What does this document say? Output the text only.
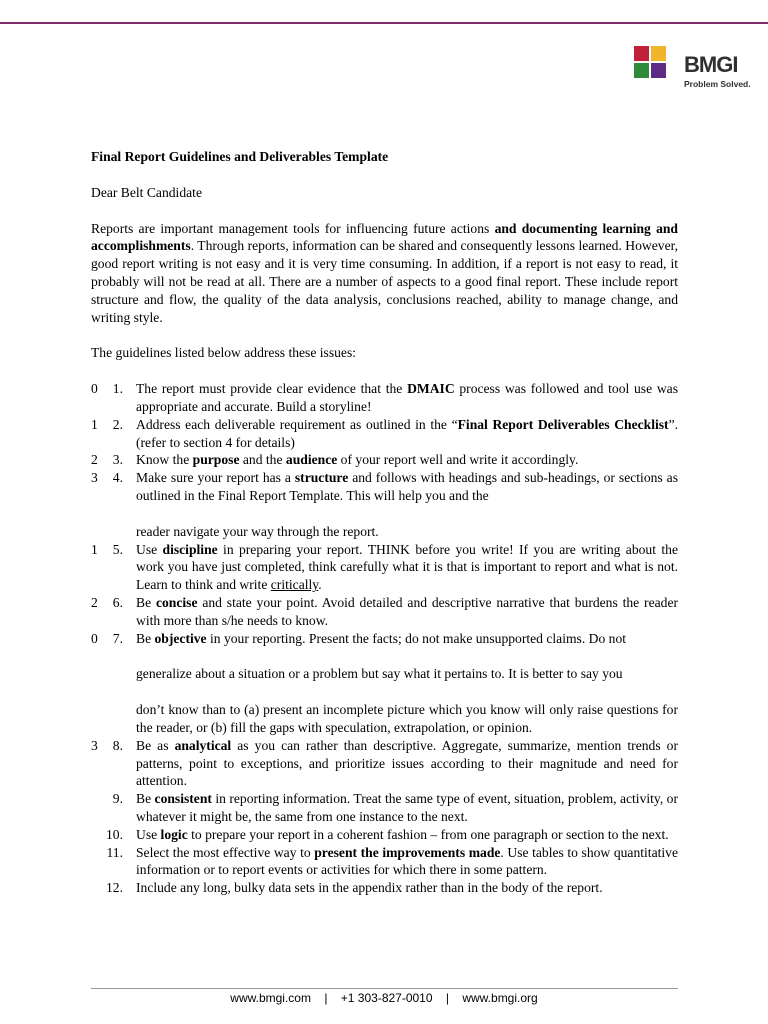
BMGI
Problem Solved.

Final Report Guidelines and Deliverables Template

Dear Belt Candidate

Reports are important management tools for influencing future actions and documenting learning and accomplishments. Through reports, information can be shared and consequently lessons learned. However, good report writing is not easy and it is very time consuming. In addition, if a report is not easy to read, it probably will not be read at all. There are a number of aspects to a good final report. These include report structure and flow, the quality of the data analysis, conclusions reached, ability to manage change, and writing style.

The guidelines listed below address these issues:

0	1. The report must provide clear evidence that the DMAIC process was followed and tool use was appropriate and accurate. Build a storyline!
1	2. Address each deliverable requirement as outlined in the “Final Report Deliverables Checklist”. (refer to section 4 for details)
2	3. Know the purpose and the audience of your report well and write it accordingly.
3	4. Make sure your report has a structure and follows with headings and sub-headings, or sections as outlined in the Final Report Template. This will help you and the
reader navigate your way through the report.
1	5. Use discipline in preparing your report. THINK before you write! If you are writing about the work you have just completed, think carefully what it is that is important to report and what is not. Learn to think and write critically.
2	6. Be concise and state your point. Avoid detailed and descriptive narrative that burdens the reader with more than s/he needs to know.
0	7. Be objective in your reporting. Present the facts; do not make unsupported claims. Do not
generalize about a situation or a problem but say what it pertains to. It is better to say you
don’t know than to (a) present an incomplete picture which you know will only raise questions for the reader, or (b) fill the gaps with speculation, extrapolation, or opinion.
3	8. Be as analytical as you can rather than descriptive. Aggregate, summarize, mention trends or patterns, point to exceptions, and prioritize issues according to their magnitude and need for attention.
9. Be consistent in reporting information. Treat the same type of event, situation, problem, activity, or whatever it might be, the same from one instance to the next.
10. Use logic to prepare your report in a coherent fashion – from one paragraph or section to the next.
11. Select the most effective way to present the improvements made. Use tables to show quantitative information or to report events or activities for which there in some pattern.
12. Include any long, bulky data sets in the appendix rather than in the body of the report.
www.bmgi.com | +1 303-827-0010 | www.bmgi.org
